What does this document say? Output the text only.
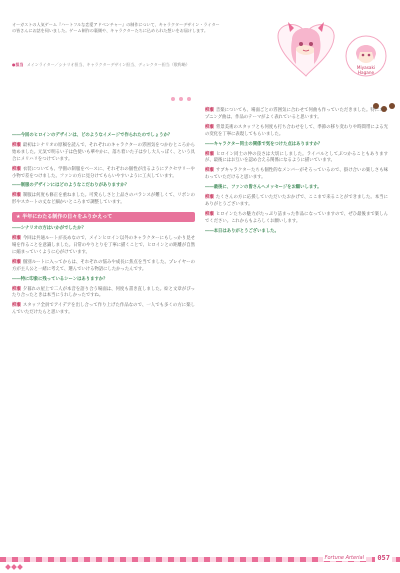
オーガストの人気ゲーム『ハートフルな恋愛アドベンチャー』の制作について、キャラクターデザイン・ライターの皆さんにお話を伺いました。ゲーム制作の裏側や、キャラクターたちに込められた想いをお届けします。
●担当 メインライター／シナリオ担当、キャラクターデザイン担当、ディレクター担当（敬称略）
Miyasaki
Hagane

――今回のヒロインのデザインは、どのようなイメージで作られたのでしょうか？

柳瀬 最初はシナリオの原稿を読んで、それぞれのキャラクターの雰囲気をつかむところから始めました。元気で明るい子は色使いも華やかに、落ち着いた子は少し大人っぽく、という具合にメリハリをつけています。

柳瀬 衣装についても、学園の制服をベースに、それぞれの個性が出るようにアクセサリーや小物で差をつけました。ファンの方に見分けてもらいやすいように工夫しています。

――制服のデザインにはどのようなこだわりがありますか？

柳瀬 制服は何度も修正を重ねました。可愛らしさと上品さのバランスが難しくて、リボンの形やスカートの丈など細かいところまで調整しています。

★ 半年にわたる制作の日々をふりかえって

――シナリオの方はいかがでしたか？

柳瀬 今回は共通ルートが長めなので、メインヒロイン以外のキャラクターにもしっかり見せ場を作ることを意識しました。日常のやりとりを丁寧に描くことで、ヒロインとの距離が自然に縮まっていくように心がけています。

柳瀬 個別ルートに入ってからは、それぞれの悩みや成長に焦点を当てました。プレイヤーの方が主人公と一緒に考えて、選んでいける物語にしたかったんです。

――特に印象に残っているシーンはありますか？

柳瀬 夕暮れの屋上で二人が本音を語り合う場面は、何度も書き直しました。絵と文章がぴったり合ったときは本当にうれしかったですね。

柳瀬 スタッフ全員でアイデアを出し合って作り上げた作品なので、一人でも多くの方に楽しんでいただけたらと思います。

柳瀬 音楽についても、場面ごとの雰囲気に合わせて何曲も作っていただきました。特にオープニング曲は、作品のテーマがよく表れていると思います。

柳瀬 背景美術のスタッフとも何度も打ち合わせをして、季節の移り変わりや時間帯による光の変化を丁寧に表現してもらいました。

――キャラクター同士の関係で気をつけた点はありますか？

柳瀬 ヒロイン同士の仲の良さは大切にしました。ライバルとしてぶつかることもありますが、最後にはお互いを認め合える関係になるように描いています。

柳瀬 サブキャラクターたちも個性的なメンバーがそろっているので、掛け合いの楽しさも味わっていただけると思います。

――最後に、ファンの皆さんへメッセージをお願いします。

柳瀬 たくさんの方に応援していただいたおかげで、ここまで来ることができました。本当にありがとうございます。

柳瀬 ヒロインたちの魅力がたっぷり詰まった作品になっていますので、ぜひ最後まで楽しんでください。これからもよろしくお願いします。

――本日はありがとうございました。

Fortune Arterial 057
